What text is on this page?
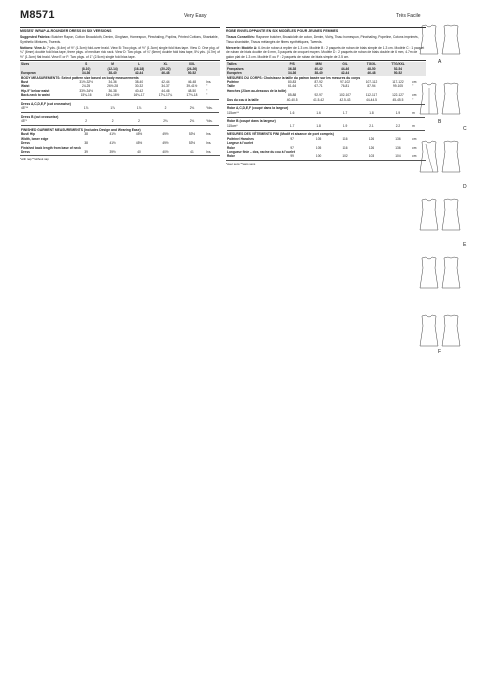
M8571	Very Easy	Très Facile
MISSES' WRAP-A-ROUNDER DRESS IN SIX VERSIONS
Suggested Fabrics: Butcher Rayon, Cotton Broadcloth, Denim, Gingham, Homespun, Pinwhaling, Poplins, Printed Cottons, Shantable, Synthetic Mixtures, Tweeds.
Notions: View A: 7 yds. (6.4m) of ½" (1.3cm) fold-over braid. View B: Two pkgs. of ½" (1.3cm) single fold bias tape. View C: One pkg. of ¼" (6mm) double fold bias tape, three pkgs. of medium rick rack. View D: Two pkgs. of ¼" (6mm) double fold bias tape, 5⅛ yds. (4.7m) of ½" (1.3cm) flat braid. View E or F: Two pkgs. of 1" (2.5cm) single fold bias tape.
Sizes	S	M	L	XL	XXL	
	(8-10)	(12-14)	(16-18)	(20-22)	(24-26)	
European	34-36	38-40	42-44	46-48	50-52	
BODY MEASUREMENTS: Select pattern size based on body measurements						
Bust	31½-32½	34-36	38-40	42-44	46-48	Ins.
Waist	24-25	26½-28	30-32	34-37	39-41½	"
Hip-9" below waist	33½-34½	36-38	40-42	44-46	48-50	"
Back-neck to waist	15¾-16	16¼-16½	16¾-17	17⅛-17¼	17⅜-18	"

Dress A,C,D,E,F (cut crosswise)						
45"**	1⅞	1⅞	1⅞	2	2⅛	Yds.

Dress B (cut crosswise)						
45"*	2	2	2	2⅛	2⅛	Yds.

FINISHED GARMENT MEASUREMENTS (includes Design and Wearing Ease)						
Bust/ Hip	38	41½	45½	49½	53½	Ins.
Width, lower edge						
Dress	38	41½	45½	49½	53½	Ins.
Finished back length from base of neck						
Dress	39	39½	40	40½	41	Ins.
*with nap **without nap
ROBE ENVELOPPANTE EN SIX MODÈLES POUR JEUNES FEMMES
Tissus Conseillés: Rayonne butcher, Broadcloth de coton, Denim, Vichy, Tissu homespun, Pinwhaling, Popeline, Cotons imprimés, Tissu shantable, Tissus mélangés de fibres synthétiques, Tweeds.
Mercerie: Modèle A: 6.4m de ruban à replier de 1.3 cm. Modèle B : 2 paquets de ruban de biais simple de 1.3 cm. Modèle C : 1 paquet de ruban de biais double de 6 mm, 3 paquets de croquet moyen. Modèle D : 2 paquets de ruban de biais double de 6 mm, 4.7m de galon plat de 1.3 cm. Modèle E ou F : 2 paquets de ruban de biais simple de 2.5 cm.
Tailles	P/S	M/M	G/L	TG/XL	TTG/XXL	
Françaises	36-38	40-42	44-46	48-50	52-54	
Européen	34-36	38-40	42-44	46-48	50-52	
MESURES DU CORPS: Choisissez la taille du patron basée sur les mesures du corps						
Poitrine	80-83	87-92	97-102	107-112	117-122	cm
Taille	61-64	67-71	76-81	87-94	99-105	"
Hanches (23cm au-dessous de la taille)						
	85-88	92-97	102-107	112-117	122-127	cm
Dos du cou à la taille	40-40.5	41.5-42	42.5-43	44-44.5	45-45.5	"

Robe A,C,D,E,F (coupé dans la largeur)						
115cm**	1.6	1.6	1.7	1.8	1.9	m

Robe B (coupé dans la largeur)						
115cm*	1.7	1.8	1.9	2.1	2.2	m

MESURES DES VÊTEMENTS FINI (Modif et aisance de port compris)						
Poitrine/ Hanches	97	105	116	126	136	cm
Largeur à l'ourlet						
Robe	97	105	116	126	136	cm
Longueur finie – dos, racine du cou à l'ourlet						
Robe	99	100	102	103	104	cm
*avec sens **sans sens
A
B
C
D
E
F
